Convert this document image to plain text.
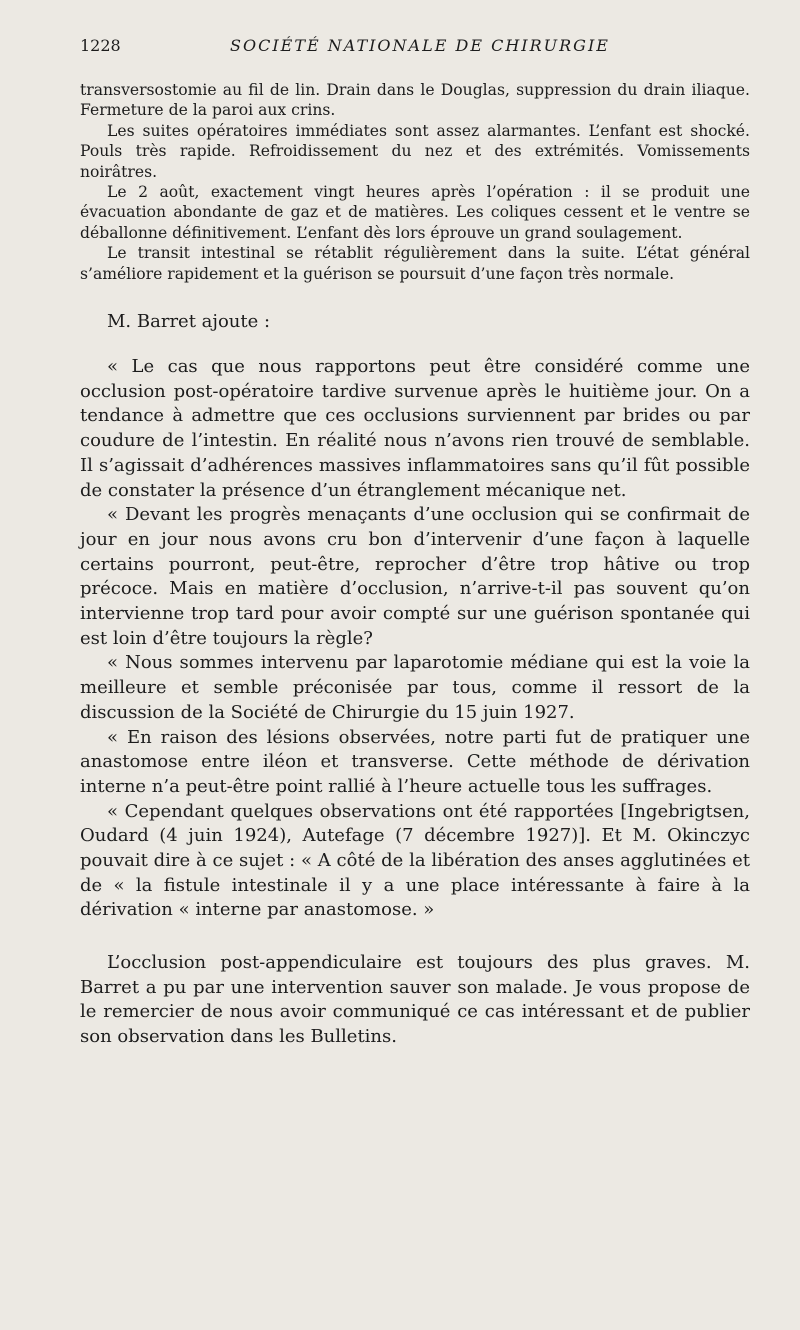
1228	SOCIÉTÉ NATIONALE DE CHIRURGIE

transversostomie au fil de lin. Drain dans le Douglas, suppression du drain iliaque. Fermeture de la paroi aux crins.

Les suites opératoires immédiates sont assez alarmantes. L’enfant est shocké. Pouls très rapide. Refroidissement du nez et des extrémités. Vomissements noirâtres.

Le 2 août, exactement vingt heures après l’opération : il se produit une évacuation abondante de gaz et de matières. Les coliques cessent et le ventre se déballonne définitivement. L’enfant dès lors éprouve un grand soulagement.

Le transit intestinal se rétablit régulièrement dans la suite. L’état général s’améliore rapidement et la guérison se poursuit d’une façon très normale.

M. Barret ajoute :

« Le cas que nous rapportons peut être considéré comme une occlusion post-opératoire tardive survenue après le huitième jour. On a tendance à admettre que ces occlusions surviennent par brides ou par coudure de l’intestin. En réalité nous n’avons rien trouvé de semblable. Il s’agissait d’adhérences massives inflammatoires sans qu’il fût possible de constater la présence d’un étranglement mécanique net.

« Devant les progrès menaçants d’une occlusion qui se confirmait de jour en jour nous avons cru bon d’intervenir d’une façon à laquelle certains pourront, peut-être, reprocher d’être trop hâtive ou trop précoce. Mais en matière d’occlusion, n’arrive-t-il pas souvent qu’on intervienne trop tard pour avoir compté sur une guérison spontanée qui est loin d’être toujours la règle?

« Nous sommes intervenu par laparotomie médiane qui est la voie la meilleure et semble préconisée par tous, comme il ressort de la discussion de la Société de Chirurgie du 15 juin 1927.

« En raison des lésions observées, notre parti fut de pratiquer une anastomose entre iléon et transverse. Cette méthode de dérivation interne n’a peut-être point rallié à l’heure actuelle tous les suffrages.

« Cependant quelques observations ont été rapportées [Ingebrigtsen, Oudard (4 juin 1924), Autefage (7 décembre 1927)]. Et M. Okinczyc pouvait dire à ce sujet : « A côté de la libération des anses agglutinées et de « la fistule intestinale il y a une place intéressante à faire à la dérivation « interne par anastomose. »

L’occlusion post-appendiculaire est toujours des plus graves. M. Barret a pu par une intervention sauver son malade. Je vous propose de le remercier de nous avoir communiqué ce cas intéressant et de publier son observation dans les Bulletins.
